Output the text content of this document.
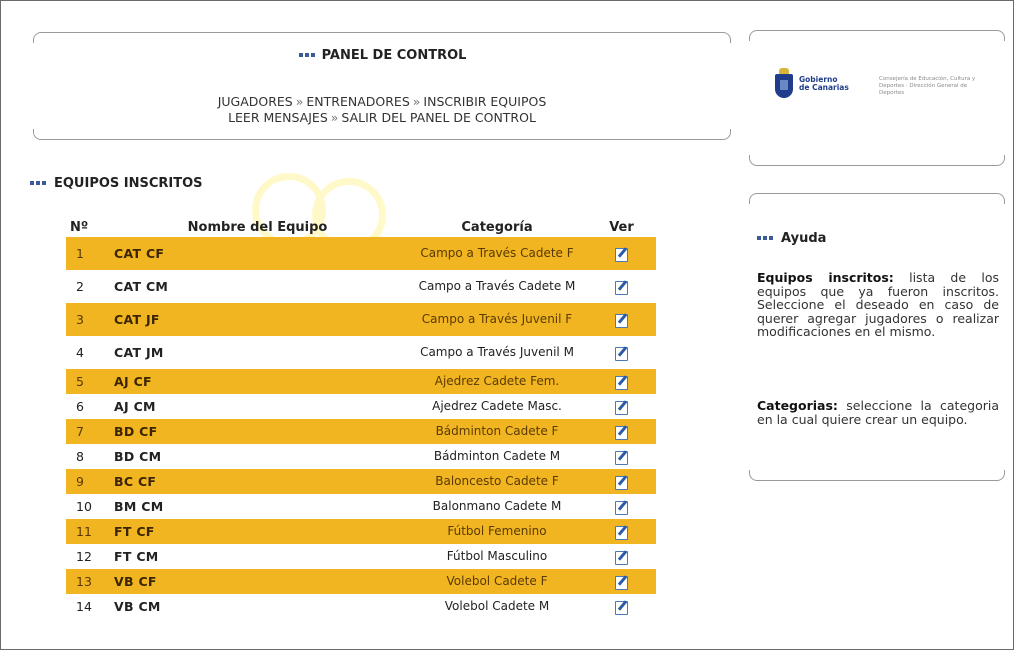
PANEL DE CONTROL
JUGADORES » ENTRENADORES » INSCRIBIR EQUIPOS
LEER MENSAJES » SALIR DEL PANEL DE CONTROL
Gobierno
de Canarias
Consejería de Educación, Cultura y Deportes · Dirección General de Deportes
EQUIPOS INSCRITOS
Nº	Nombre del Equipo	Categoría	Ver
1	CAT CF	Campo a Través Cadete F	

2	CAT CM	Campo a Través Cadete M	

3	CAT JF	Campo a Través Juvenil F	

4	CAT JM	Campo a Través Juvenil M	

5	AJ CF	Ajedrez Cadete Fem.	

6	AJ CM	Ajedrez Cadete Masc.	

7	BD CF	Bádminton Cadete F	

8	BD CM	Bádminton Cadete M	

9	BC CF	Baloncesto Cadete F	

10	BM CM	Balonmano Cadete M	

11	FT CF	Fútbol Femenino	

12	FT CM	Fútbol Masculino	

13	VB CF	Volebol Cadete F	

14	VB CM	Volebol Cadete M	
Ayuda
Equipos inscritos: lista de los equipos que ya fueron inscritos. Seleccione el deseado en caso de querer agregar jugadores o realizar modificaciones en el mismo.
Categorias: seleccione la categoria en la cual quiere crear un equipo.
